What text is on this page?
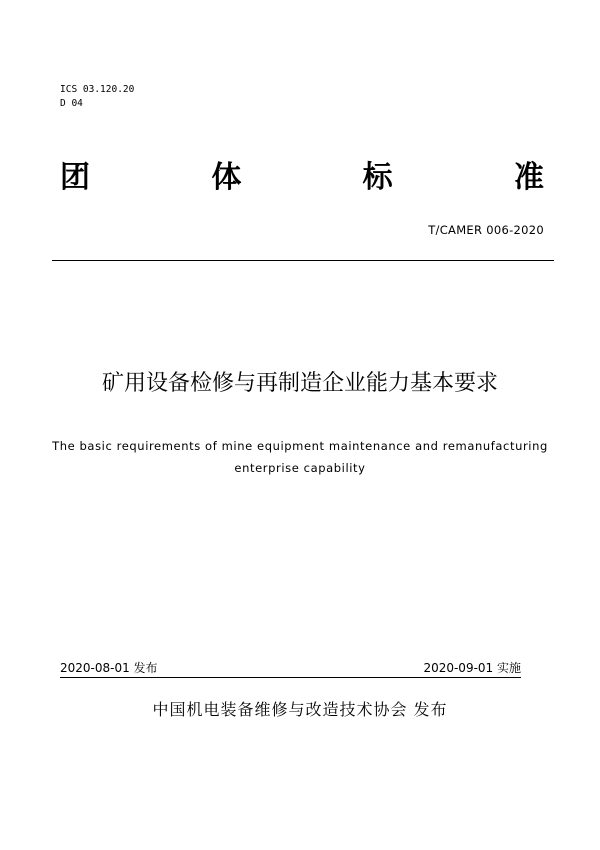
ICS 03.120.20
D 04
团	体	标	准
T/CAMER 006-2020
矿用设备检修与再制造企业能力基本要求
The basic requirements of mine equipment maintenance and remanufacturing enterprise capability
2020-08-01 发布	2020-09-01 实施
中国机电装备维修与改造技术协会 发布
